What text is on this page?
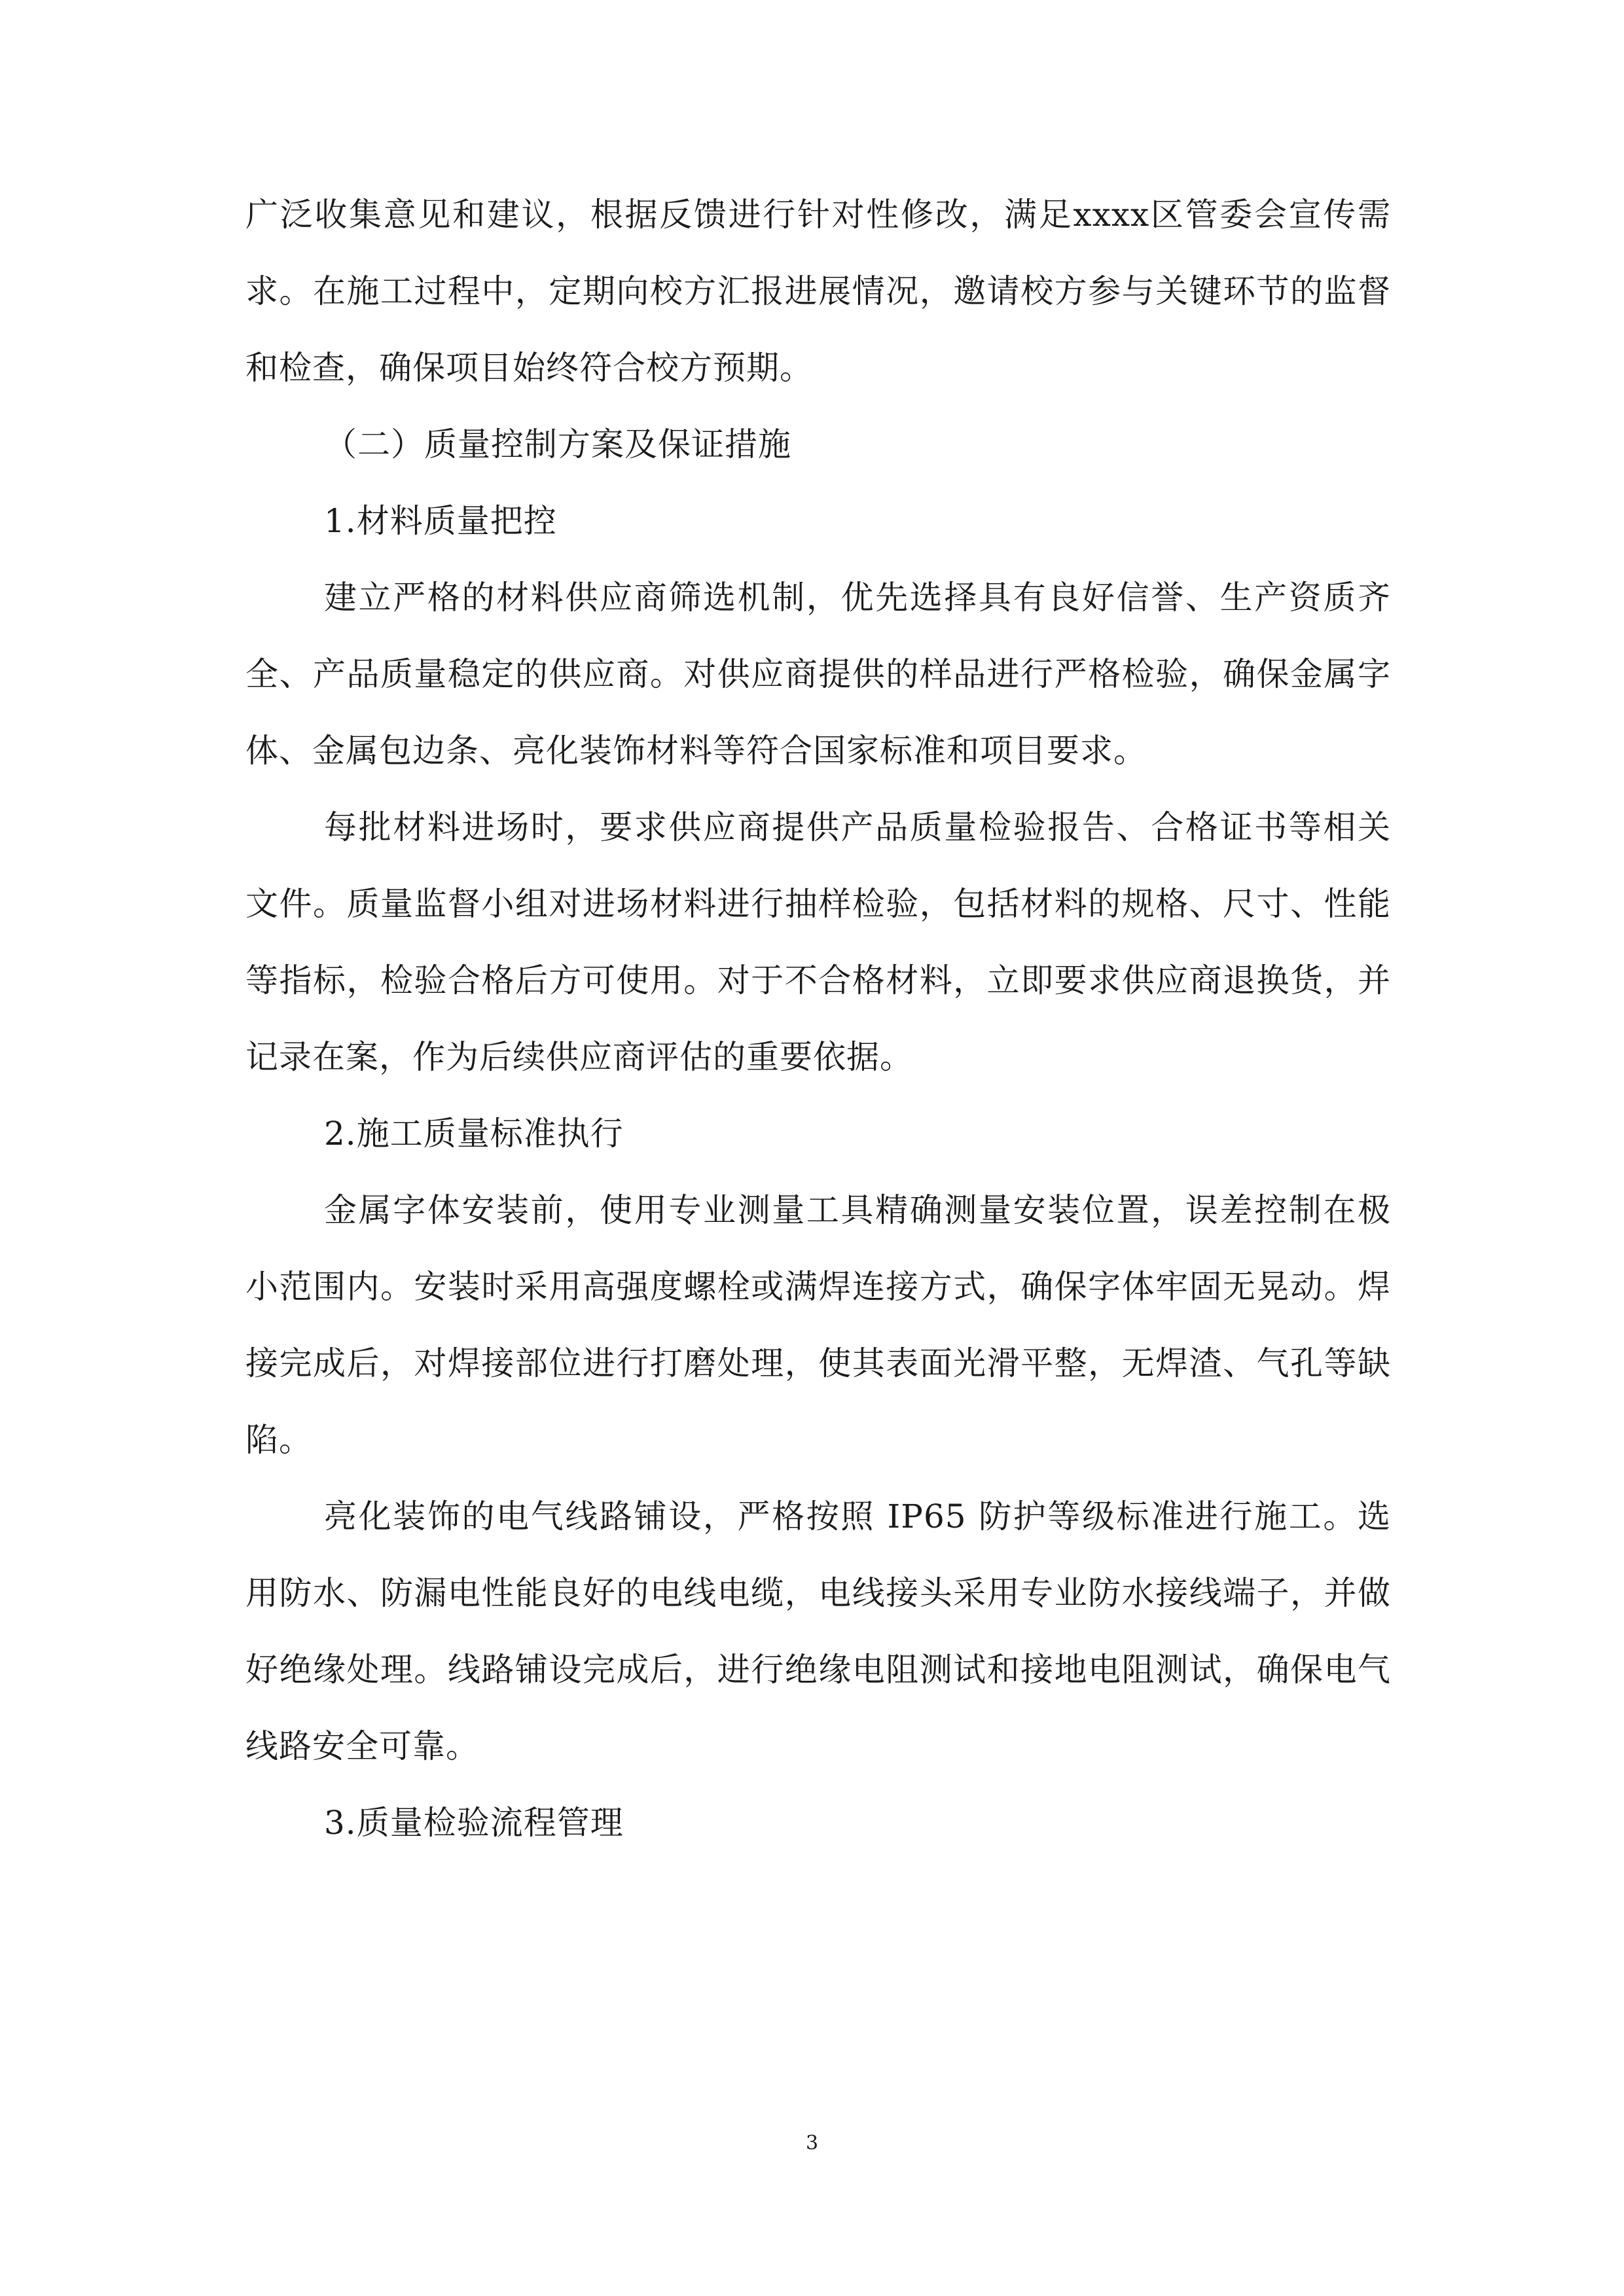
广泛收集意见和建议，根据反馈进行针对性修改，满足xxxx区管委会宣传需求。在施工过程中，定期向校方汇报进展情况，邀请校方参与关键环节的监督和检查，确保项目始终符合校方预期。

（二）质量控制方案及保证措施

1.材料质量把控

建立严格的材料供应商筛选机制，优先选择具有良好信誉、生产资质齐全、产品质量稳定的供应商。对供应商提供的样品进行严格检验，确保金属字体、金属包边条、亮化装饰材料等符合国家标准和项目要求。

每批材料进场时，要求供应商提供产品质量检验报告、合格证书等相关文件。质量监督小组对进场材料进行抽样检验，包括材料的规格、尺寸、性能等指标，检验合格后方可使用。对于不合格材料，立即要求供应商退换货，并记录在案，作为后续供应商评估的重要依据。

2.施工质量标准执行

金属字体安装前，使用专业测量工具精确测量安装位置，误差控制在极小范围内。安装时采用高强度螺栓或满焊连接方式，确保字体牢固无晃动。焊接完成后，对焊接部位进行打磨处理，使其表面光滑平整，无焊渣、气孔等缺陷。

亮化装饰的电气线路铺设，严格按照 IP65 防护等级标准进行施工。选用防水、防漏电性能良好的电线电缆，电线接头采用专业防水接线端子，并做好绝缘处理。线路铺设完成后，进行绝缘电阻测试和接地电阻测试，确保电气线路安全可靠。

3.质量检验流程管理

3
